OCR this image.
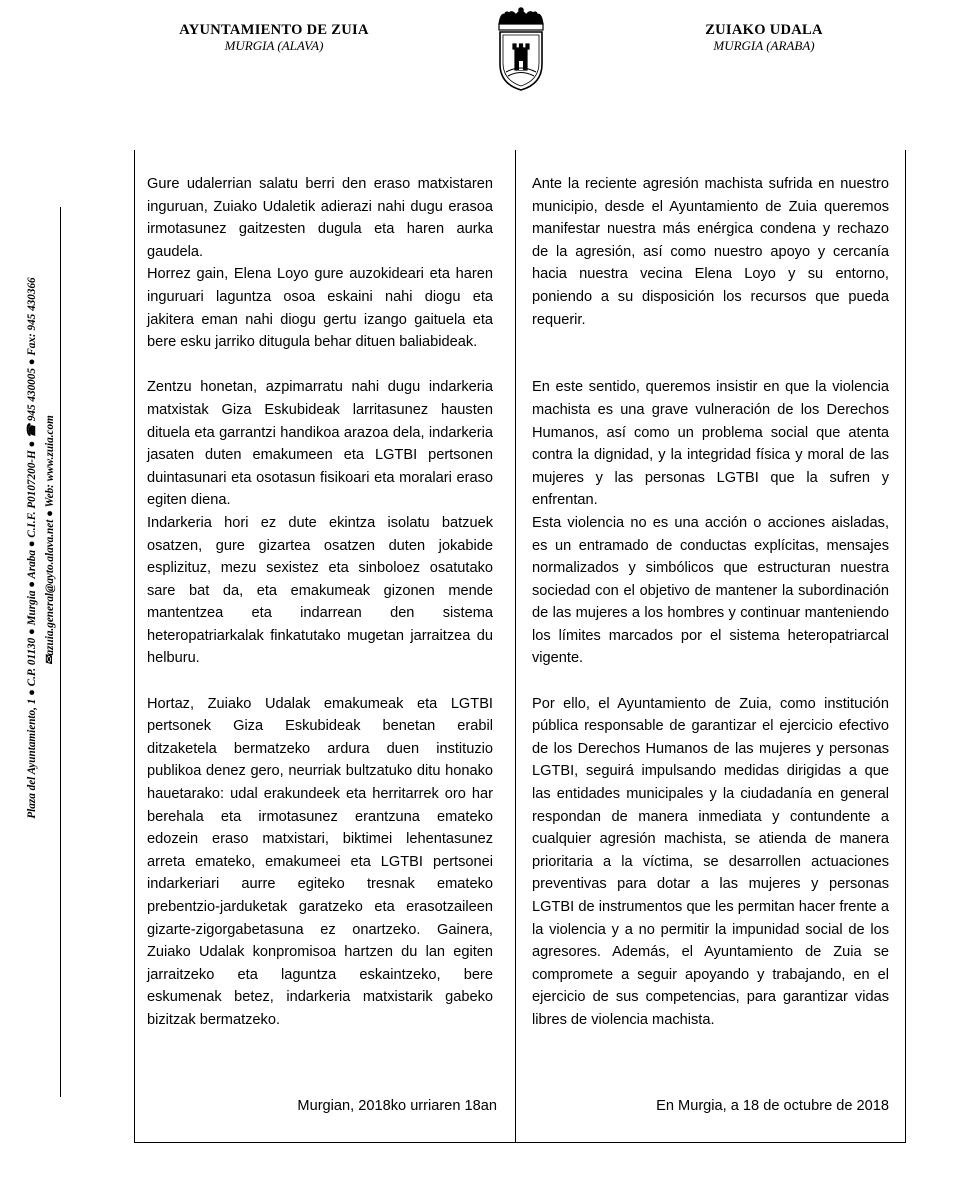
AYUNTAMIENTO DE ZUIA
MURGIA (ALAVA)
ZUIAKO UDALA
MURGIA (ARABA)
Plaza del Ayuntamiento, 1 ● C.P. 01130 ● Murgia ● Araba ● C.I.F. P0107200-H ● ☎ 945 430005 ● Fax: 945 430366 ✉azuia.general@ayto.alava.net ● Web: www.zuia.com

Gure udalerrian salatu berri den eraso matxistaren inguruan, Zuiako Udaletik adierazi nahi dugu erasoa irmotasunez gaitzesten dugula eta haren aurka gaudela.

Horrez gain, Elena Loyo gure auzokideari eta haren inguruari laguntza osoa eskaini nahi diogu eta jakitera eman nahi diogu gertu izango gaituela eta bere esku jarriko ditugula behar dituen baliabideak.

Zentzu honetan, azpimarratu nahi dugu indarkeria matxistak Giza Eskubideak larritasunez hausten dituela eta garrantzi handikoa arazoa dela, indarkeria jasaten duten emakumeen eta LGTBI pertsonen duintasunari eta osotasun fisikoari eta moralari eraso egiten diena.

Indarkeria hori ez dute ekintza isolatu batzuek osatzen, gure gizartea osatzen duten jokabide esplizituz, mezu sexistez eta sinboloez osatutako sare bat da, eta emakumeak gizonen mende mantentzea eta indarrean den sistema heteropatriarkalak finkatutako mugetan jarraitzea du helburu.

Hortaz, Zuiako Udalak emakumeak eta LGTBI pertsonek Giza Eskubideak benetan erabil ditzaketela bermatzeko ardura duen instituzio publikoa denez gero, neurriak bultzatuko ditu honako hauetarako: udal erakundeek eta herritarrek oro har berehala eta irmotasunez erantzuna emateko edozein eraso matxistari, biktimei lehentasunez arreta emateko, emakumeei eta LGTBI pertsonei indarkeriari aurre egiteko tresnak emateko prebentzio-jarduketak garatzeko eta erasotzaileen gizarte-zigorgabetasuna ez onartzeko. Gainera, Zuiako Udalak konpromisoa hartzen du lan egiten jarraitzeko eta laguntza eskaintzeko, bere eskumenak betez, indarkeria matxistarik gabeko bizitzak bermatzeko.

Ante la reciente agresión machista sufrida en nuestro municipio, desde el Ayuntamiento de Zuia queremos manifestar nuestra más enérgica condena y rechazo de la agresión, así como nuestro apoyo y cercanía hacia nuestra vecina Elena Loyo y su entorno, poniendo a su disposición los recursos que pueda requerir.

En este sentido, queremos insistir en que la violencia machista es una grave vulneración de los Derechos Humanos, así como un problema social que atenta contra la dignidad, y la integridad física y moral de las mujeres y las personas LGTBI que la sufren y enfrentan.

Esta violencia no es una acción o acciones aisladas, es un entramado de conductas explícitas, mensajes normalizados y simbólicos que estructuran nuestra sociedad con el objetivo de mantener la subordinación de las mujeres a los hombres y continuar manteniendo los límites marcados por el sistema heteropatriarcal vigente.

Por ello, el Ayuntamiento de Zuia, como institución pública responsable de garantizar el ejercicio efectivo de los Derechos Humanos de las mujeres y personas LGTBI, seguirá impulsando medidas dirigidas a que las entidades municipales y la ciudadanía en general respondan de manera inmediata y contundente a cualquier agresión machista, se atienda de manera prioritaria a la víctima, se desarrollen actuaciones preventivas para dotar a las mujeres y personas LGTBI de instrumentos que les permitan hacer frente a la violencia y a no permitir la impunidad social de los agresores. Además, el Ayuntamiento de Zuia se compromete a seguir apoyando y trabajando, en el ejercicio de sus competencias, para garantizar vidas libres de violencia machista.

Murgian, 2018ko urriaren 18an	En Murgia, a 18 de octubre de 2018
